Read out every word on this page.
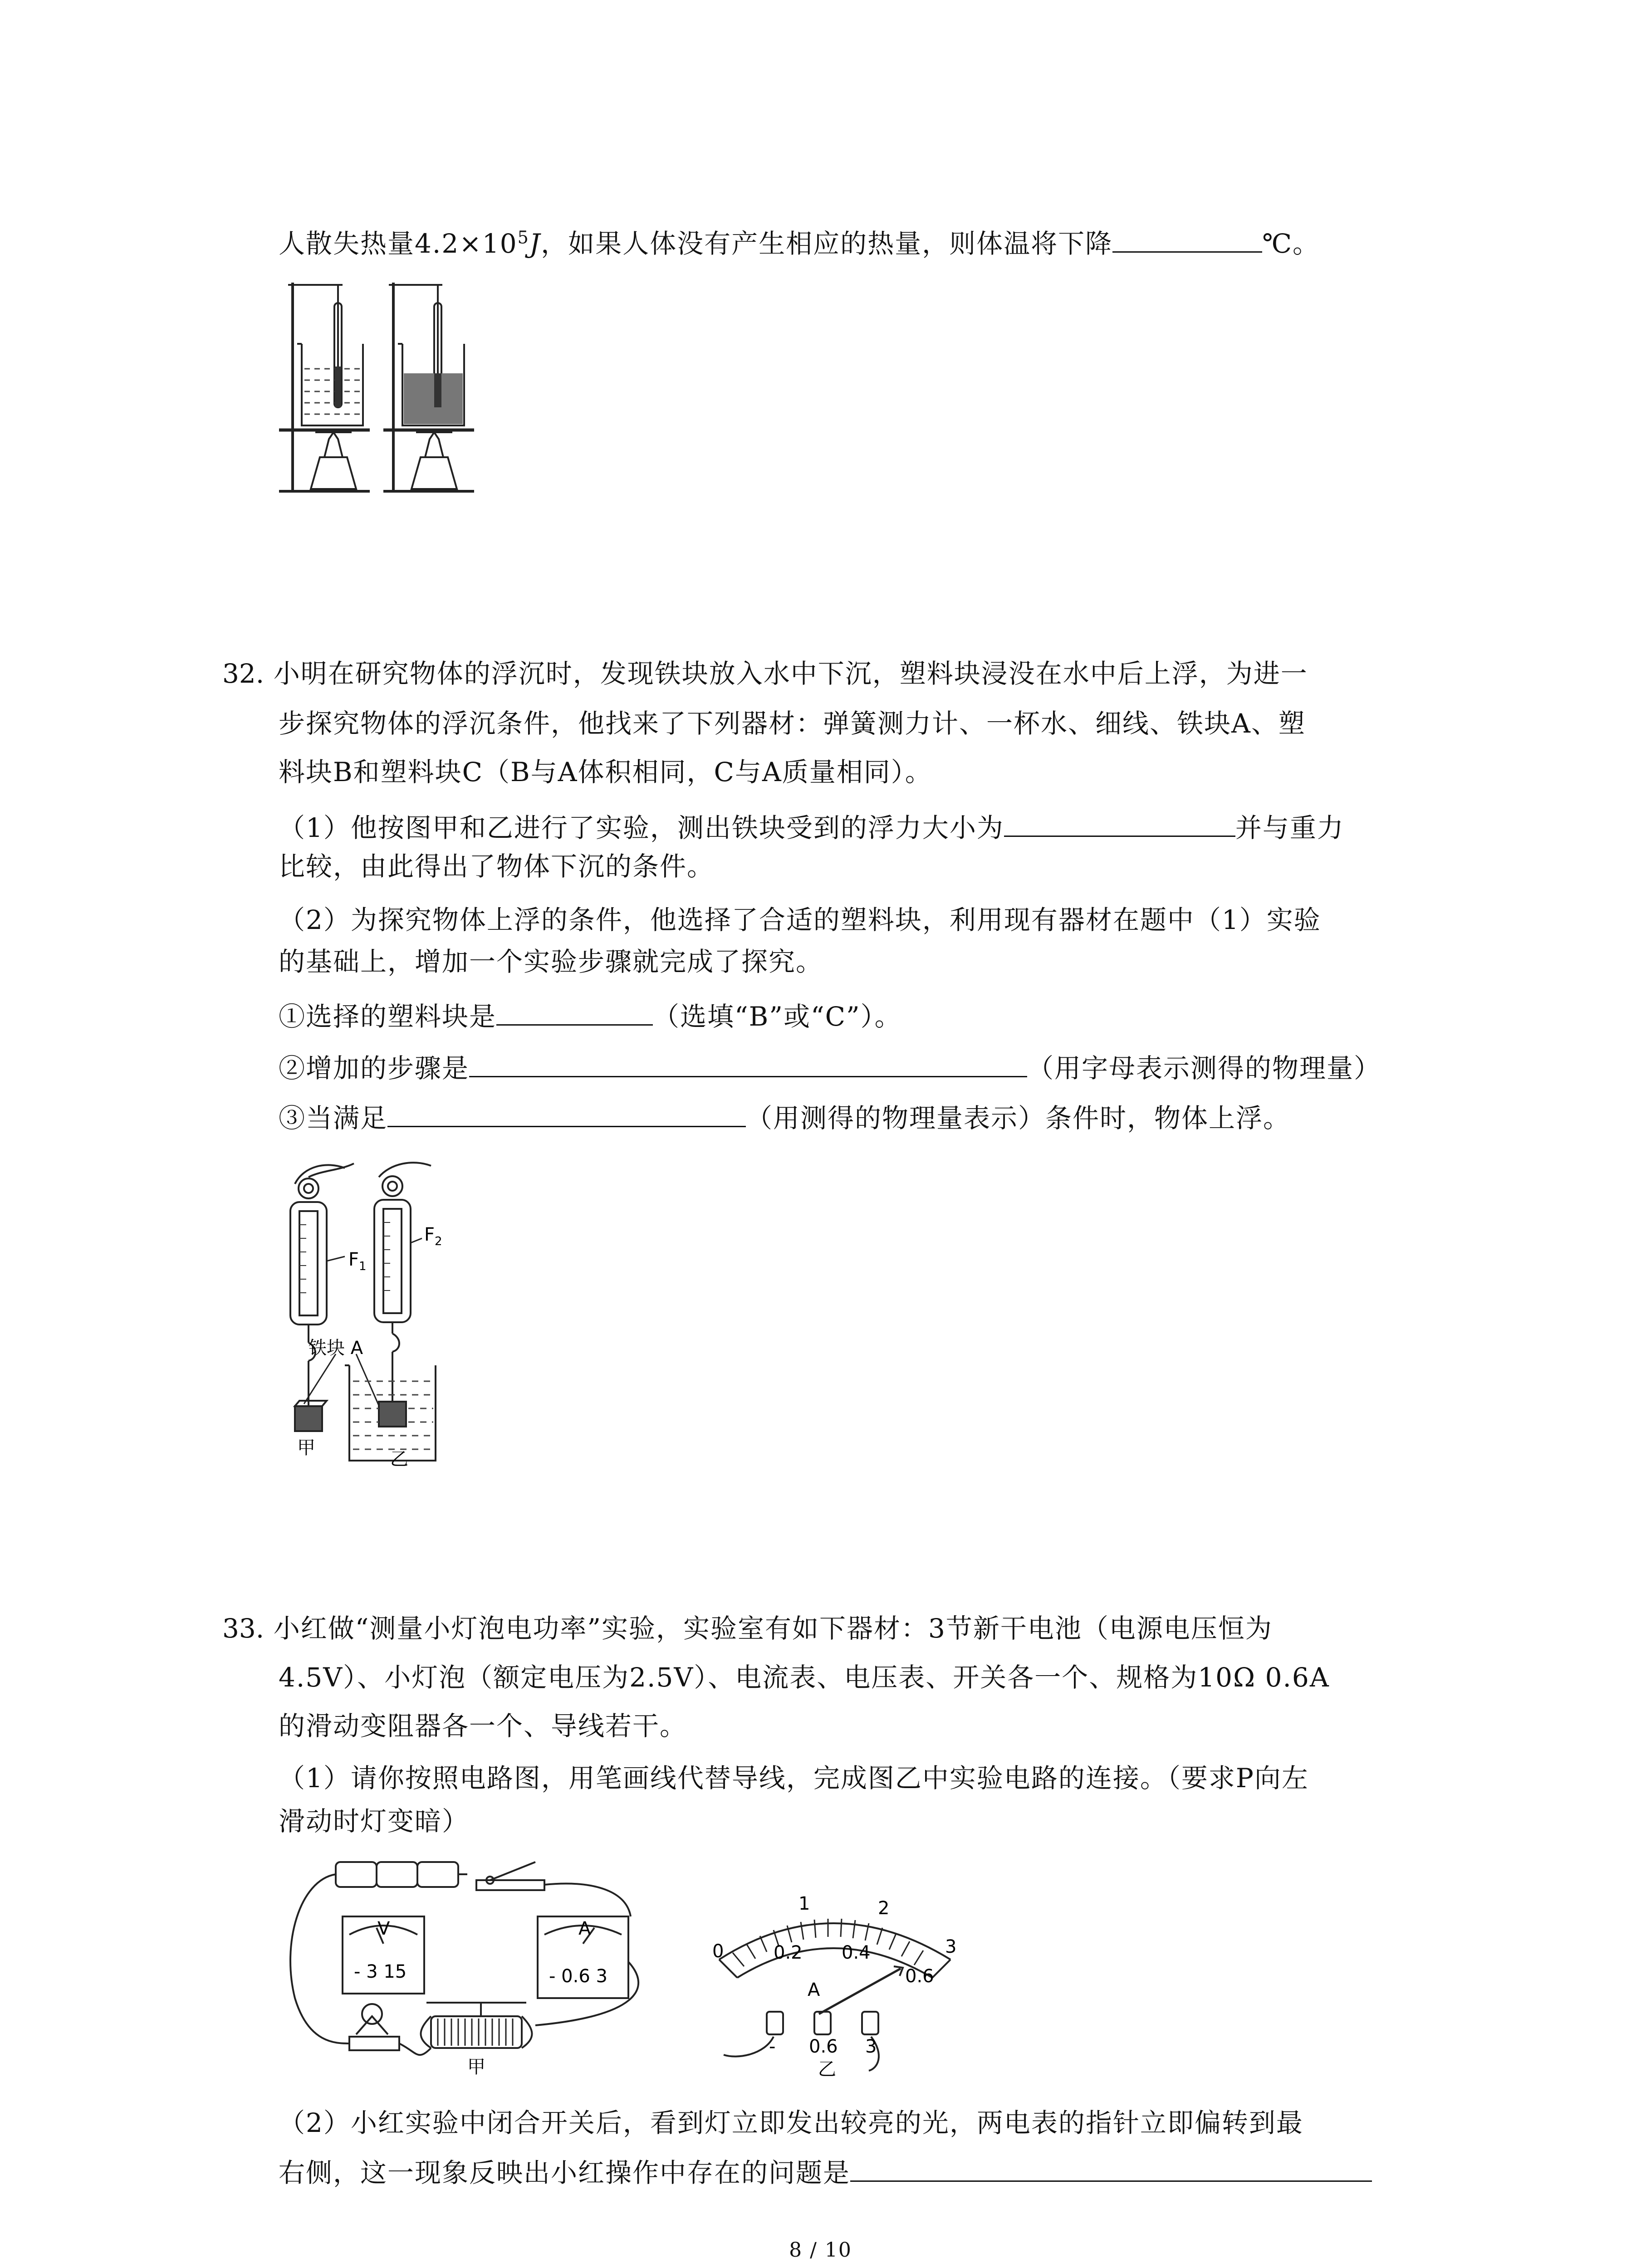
人散失热量$4.2\times 10^5J$，如果人体没有产生相应的热量，则体温将下降	℃。
32. 小明在研究物体的浮沉时，发现铁块放入水中下沉，塑料块浸没在水中后上浮，为进一
步探究物体的浮沉条件，他找来了下列器材：弹簧测力计、一杯水、细线、铁块A、塑
料块B和塑料块C（B与A体积相同，C与A质量相同）。
（1）他按图甲和乙进行了实验，测出铁块受到的浮力大小为	并与重力
比较，由此得出了物体下沉的条件。
（2）为探究物体上浮的条件，他选择了合适的塑料块，利用现有器材在题中（1）实验
的基础上，增加一个实验步骤就完成了探究。
①选择的塑料块是	（选填“B”或“C”）。
②增加的步骤是	（用字母表示测得的物理量）
③当满足	（用测得的物理量表示）条件时，物体上浮。
$F_1$
$F_2$
铁块 A
甲
乙
33. 小红做“测量小灯泡电功率”实验，实验室有如下器材：3节新干电池（电源电压恒为
4.5V）、小灯泡（额定电压为2.5V）、电流表、电压表、开关各一个、规格为10Ω 0.6A
的滑动变阻器各一个、导线若干。
（1）请你按照电路图，用笔画线代替导线，完成图乙中实验电路的连接。（要求P向左
滑动时灯变暗）
V
- 3 15
A
- 0.6 3
甲
0
1	2
3
0.2 0.4
0.6
A
- 0.6 3
乙
（2）小红实验中闭合开关后，看到灯立即发出较亮的光，两电表的指针立即偏转到最
右侧，这一现象反映出小红操作中存在的问题是
8 / 10
